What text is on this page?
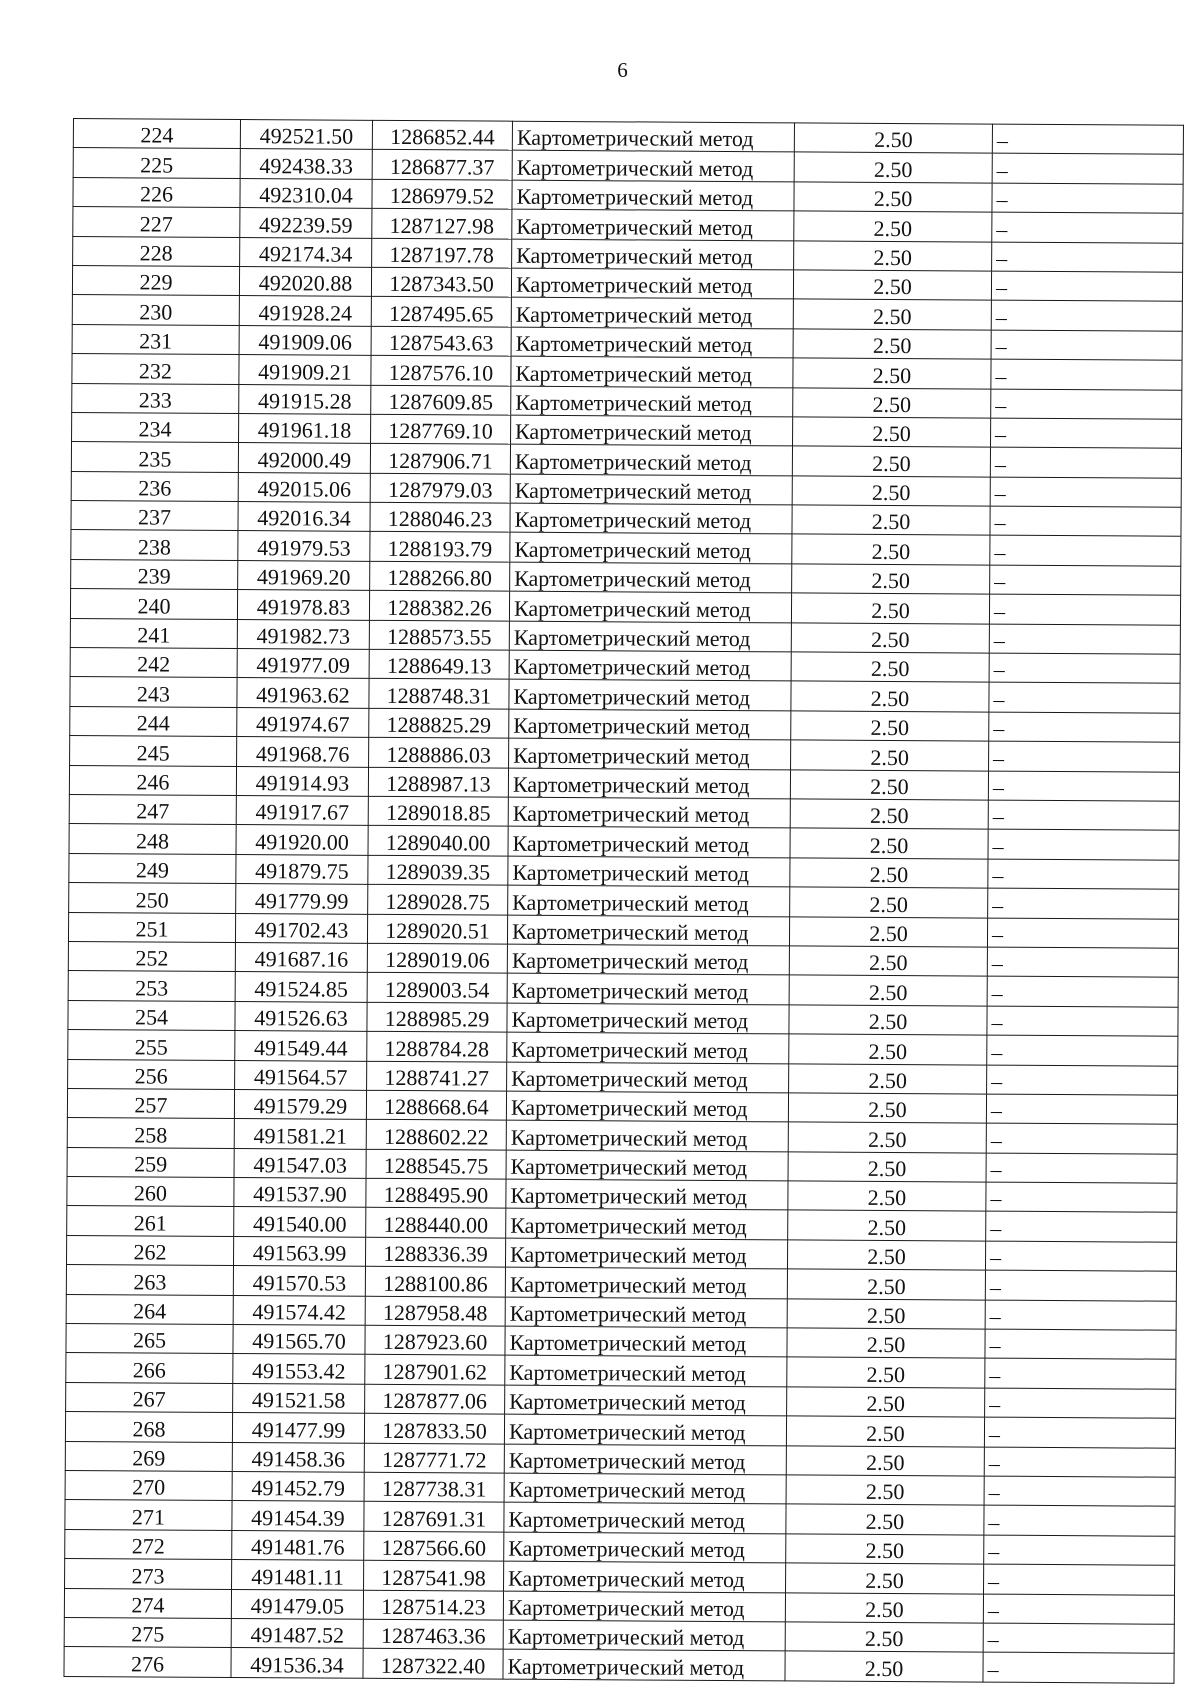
6
224	492521.50	1286852.44	Картометрический метод	2.50	–
225	492438.33	1286877.37	Картометрический метод	2.50	–
226	492310.04	1286979.52	Картометрический метод	2.50	–
227	492239.59	1287127.98	Картометрический метод	2.50	–
228	492174.34	1287197.78	Картометрический метод	2.50	–
229	492020.88	1287343.50	Картометрический метод	2.50	–
230	491928.24	1287495.65	Картометрический метод	2.50	–
231	491909.06	1287543.63	Картометрический метод	2.50	–
232	491909.21	1287576.10	Картометрический метод	2.50	–
233	491915.28	1287609.85	Картометрический метод	2.50	–
234	491961.18	1287769.10	Картометрический метод	2.50	–
235	492000.49	1287906.71	Картометрический метод	2.50	–
236	492015.06	1287979.03	Картометрический метод	2.50	–
237	492016.34	1288046.23	Картометрический метод	2.50	–
238	491979.53	1288193.79	Картометрический метод	2.50	–
239	491969.20	1288266.80	Картометрический метод	2.50	–
240	491978.83	1288382.26	Картометрический метод	2.50	–
241	491982.73	1288573.55	Картометрический метод	2.50	–
242	491977.09	1288649.13	Картометрический метод	2.50	–
243	491963.62	1288748.31	Картометрический метод	2.50	–
244	491974.67	1288825.29	Картометрический метод	2.50	–
245	491968.76	1288886.03	Картометрический метод	2.50	–
246	491914.93	1288987.13	Картометрический метод	2.50	–
247	491917.67	1289018.85	Картометрический метод	2.50	–
248	491920.00	1289040.00	Картометрический метод	2.50	–
249	491879.75	1289039.35	Картометрический метод	2.50	–
250	491779.99	1289028.75	Картометрический метод	2.50	–
251	491702.43	1289020.51	Картометрический метод	2.50	–
252	491687.16	1289019.06	Картометрический метод	2.50	–
253	491524.85	1289003.54	Картометрический метод	2.50	–
254	491526.63	1288985.29	Картометрический метод	2.50	–
255	491549.44	1288784.28	Картометрический метод	2.50	–
256	491564.57	1288741.27	Картометрический метод	2.50	–
257	491579.29	1288668.64	Картометрический метод	2.50	–
258	491581.21	1288602.22	Картометрический метод	2.50	–
259	491547.03	1288545.75	Картометрический метод	2.50	–
260	491537.90	1288495.90	Картометрический метод	2.50	–
261	491540.00	1288440.00	Картометрический метод	2.50	–
262	491563.99	1288336.39	Картометрический метод	2.50	–
263	491570.53	1288100.86	Картометрический метод	2.50	–
264	491574.42	1287958.48	Картометрический метод	2.50	–
265	491565.70	1287923.60	Картометрический метод	2.50	–
266	491553.42	1287901.62	Картометрический метод	2.50	–
267	491521.58	1287877.06	Картометрический метод	2.50	–
268	491477.99	1287833.50	Картометрический метод	2.50	–
269	491458.36	1287771.72	Картометрический метод	2.50	–
270	491452.79	1287738.31	Картометрический метод	2.50	–
271	491454.39	1287691.31	Картометрический метод	2.50	–
272	491481.76	1287566.60	Картометрический метод	2.50	–
273	491481.11	1287541.98	Картометрический метод	2.50	–
274	491479.05	1287514.23	Картометрический метод	2.50	–
275	491487.52	1287463.36	Картометрический метод	2.50	–
276	491536.34	1287322.40	Картометрический метод	2.50	–
